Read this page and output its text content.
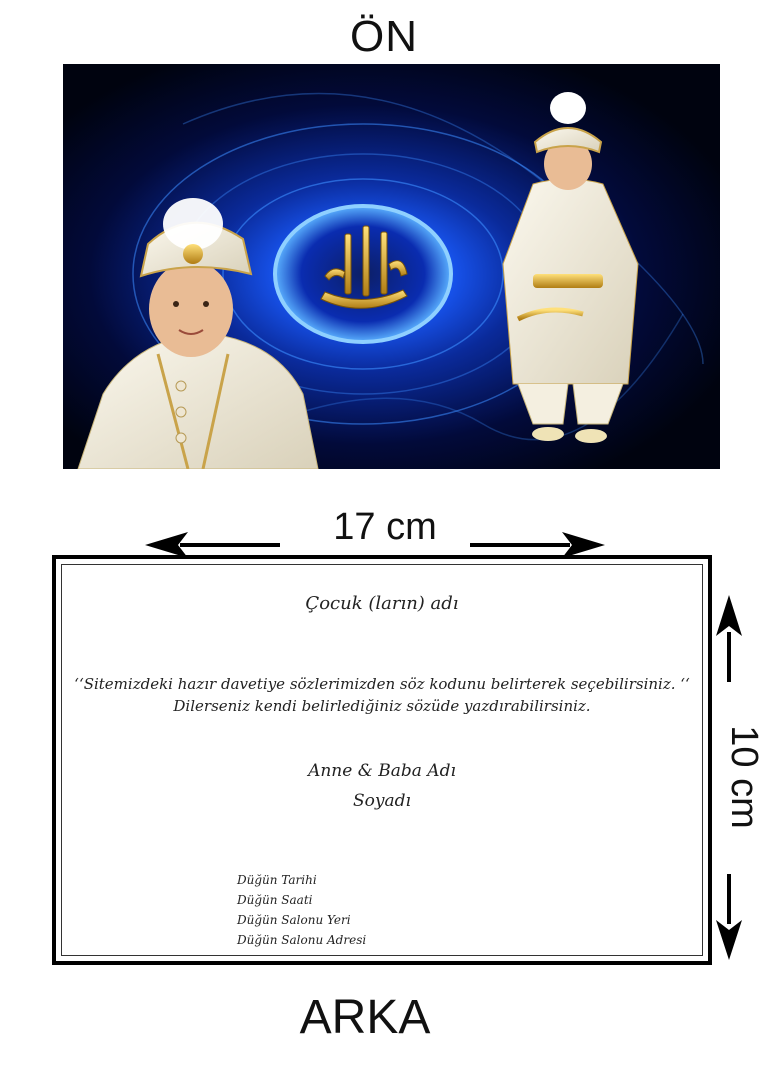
ÖN
17 cm
Çocuk (ların) adı
‘‘Sitemizdeki hazır davetiye sözlerimizden söz kodunu belirterek seçebilirsiniz. ‘‘
Dilerseniz kendi belirlediğiniz sözüde yazdırabilirsiniz.
Anne & Baba Adı
Soyadı
Düğün Tarihi
Düğün Saati
Düğün Salonu Yeri
Düğün Salonu Adresi
10 cm
ARKA
